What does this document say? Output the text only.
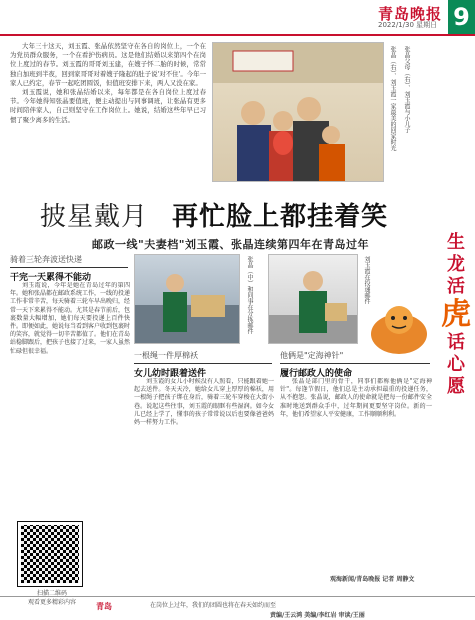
青岛晚报
2022/1/30 星期日 9

大年三十这天，刘玉霞、张晶依然坚守在各自的岗位上，一个在为党员群众服务，一个在看护伤病员。这是他们结婚以来第四个在岗位上度过的春节。刘玉霞的哥哥刘玉建，在嫂子怀二胎的时候，常常独自加班到半夜，回到家哥哥对着嫂子隆起的肚子说'对不住'。今年一家人已约定，春节一起吃团圆饭，但值班安排下来，两人又没在家。

刘玉霞说，她和张晶结婚以来，每年都是在各自岗位上度过春节。今年她得知张晶要值班，便主动提出与同事调班，让张晶有更多时间陪伴家人，自己则坚守在工作岗位上。她说，结婚这些年早已习惯了聚少离多的生活。	张晶（右）、刘玉霞一家最美的回家时光 张晶父母（右）、刘玉霞与小儿子
披星戴月 再忙脸上都挂着笑
邮政一线"夫妻档"刘玉霞、张晶连续第四年在青岛过年
张晶（中）和同事在分拣邮件	刘玉霞在投递邮件
骑着三轮奔波送快递
干完一天累得不能动

刘玉霞说，今年是她在青岛过年的第四年。她和张晶都在邮政系统工作，一线的投递工作非常辛苦，每天骑着三轮车早出晚归，经常一天下来累得不能动。尤其是春节前后，包裹数量大幅增加，她们每天要投递上百件快件。即便如此，她说每当看到客户收到包裹时的笑容，就觉得一切辛苦都值了。他们在青岛站稳脚跟后，把孩子也接了过来，一家人虽然忙碌但很幸福。	一根绳一件厚棉袄
女儿幼时跟着送件

刘玉霞的女儿小时候没有人照看，只能跟着她一起去送件。冬天天冷，她给女儿穿上厚厚的棉袄，用一根绳子把孩子绑在身后，骑着三轮车穿梭在大街小巷。说起这些往事，刘玉霞的眼眶有些湿润。如今女儿已经上学了，懂事的孩子常常说以后也要像爸爸妈妈一样努力工作。

他俩是"定海神针"
履行邮政人的使命

张晶是部门里的骨干，同事们都称他俩是"定海神针"。每逢节假日，他们总是主动承担最重的投递任务，从不抱怨。张晶说，邮政人的使命就是把每一份邮件安全准时地送到群众手中，过年期间更要坚守岗位。新的一年，他们希望家人平安健康，工作顺顺利利。

观海新闻/青岛晚报 记者 周静文
扫描二维码
观看更多精彩内容
生
龙
活
虎
话
心
愿
青岛	在岗位上过年，我们的团圆也将在春天如约而至
责编/王云鸿 美编/李红岩 审读/王丽
